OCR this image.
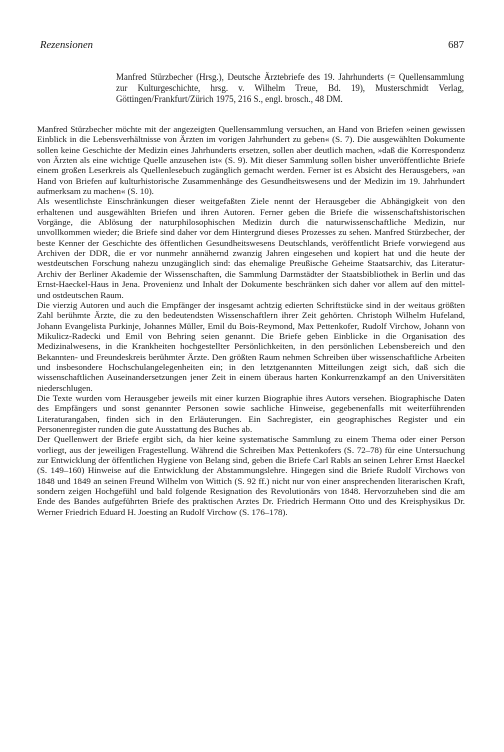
Rezensionen	687

Manfred Stürzbecher (Hrsg.), Deutsche Ärztebriefe des 19. Jahrhunderts (= Quellensammlung zur Kulturgeschichte, hrsg. v. Wilhelm Treue, Bd. 19), Musterschmidt Verlag, Göttingen/Frankfurt/Zürich 1975, 216 S., engl. brosch., 48 DM.

Manfred Stürzbecher möchte mit der angezeigten Quellensammlung versuchen, an Hand von Briefen »einen gewissen Einblick in die Lebensverhältnisse von Ärzten im vorigen Jahrhundert zu geben« (S. 7). Die ausgewählten Dokumente sollen keine Geschichte der Medizin eines Jahrhunderts ersetzen, sollen aber deutlich machen, »daß die Korrespondenz von Ärzten als eine wichtige Quelle anzusehen ist« (S. 9). Mit dieser Sammlung sollen bisher unveröffentlichte Briefe einem großen Leserkreis als Quellenlesebuch zugänglich gemacht werden. Ferner ist es Absicht des Herausgebers, »an Hand von Briefen auf kulturhistorische Zusammenhänge des Gesundheitswesens und der Medizin im 19. Jahrhundert aufmerksam zu machen« (S. 10).

Als wesentlichste Einschränkungen dieser weitgefaßten Ziele nennt der Herausgeber die Abhängigkeit von den erhaltenen und ausgewählten Briefen und ihren Autoren. Ferner geben die Briefe die wissenschaftshistorischen Vorgänge, die Ablösung der naturphilosophischen Medizin durch die naturwissenschaftliche Medizin, nur unvollkommen wieder; die Briefe sind daher vor dem Hintergrund dieses Prozesses zu sehen. Manfred Stürzbecher, der beste Kenner der Geschichte des öffentlichen Gesundheitswesens Deutschlands, veröffentlicht Briefe vorwiegend aus Archiven der DDR, die er vor nunmehr annähernd zwanzig Jahren eingesehen und kopiert hat und die heute der westdeutschen Forschung nahezu unzugänglich sind: das ehemalige Preußische Geheime Staatsarchiv, das Literatur-Archiv der Berliner Akademie der Wissenschaften, die Sammlung Darmstädter der Staatsbibliothek in Berlin und das Ernst-Haeckel-Haus in Jena. Provenienz und Inhalt der Dokumente beschränken sich daher vor allem auf den mittel- und ostdeutschen Raum.

Die vierzig Autoren und auch die Empfänger der insgesamt achtzig edierten Schriftstücke sind in der weitaus größten Zahl berühmte Ärzte, die zu den bedeutendsten Wissenschaftlern ihrer Zeit gehörten. Christoph Wilhelm Hufeland, Johann Evangelista Purkinje, Johannes Müller, Emil du Bois-Reymond, Max Pettenkofer, Rudolf Virchow, Johann von Mikulicz-Radecki und Emil von Behring seien genannt. Die Briefe geben Einblicke in die Organisation des Medizinalwesens, in die Krankheiten hochgestellter Persönlichkeiten, in den persönlichen Lebensbereich und den Bekannten- und Freundeskreis berühmter Ärzte. Den größten Raum nehmen Schreiben über wissenschaftliche Arbeiten und insbesondere Hochschulangelegenheiten ein; in den letztgenannten Mitteilungen zeigt sich, daß sich die wissenschaftlichen Auseinandersetzungen jener Zeit in einem überaus harten Konkurrenzkampf an den Universitäten niederschlugen.

Die Texte wurden vom Herausgeber jeweils mit einer kurzen Biographie ihres Autors versehen. Biographische Daten des Empfängers und sonst genannter Personen sowie sachliche Hinweise, gegebenenfalls mit weiterführenden Literaturangaben, finden sich in den Erläuterungen. Ein Sachregister, ein geographisches Register und ein Personenregister runden die gute Ausstattung des Buches ab.

Der Quellenwert der Briefe ergibt sich, da hier keine systematische Sammlung zu einem Thema oder einer Person vorliegt, aus der jeweiligen Fragestellung. Während die Schreiben Max Pettenkofers (S. 72–78) für eine Untersuchung zur Entwicklung der öffentlichen Hygiene von Belang sind, geben die Briefe Carl Rabls an seinen Lehrer Ernst Haeckel (S. 149–160) Hinweise auf die Entwicklung der Abstammungslehre. Hingegen sind die Briefe Rudolf Virchows von 1848 und 1849 an seinen Freund Wilhelm von Wittich (S. 92 ff.) nicht nur von einer ansprechenden literarischen Kraft, sondern zeigen Hochgefühl und bald folgende Resignation des Revolutionärs von 1848. Hervorzuheben sind die am Ende des Bandes aufgeführten Briefe des praktischen Arztes Dr. Friedrich Hermann Otto und des Kreisphysikus Dr. Werner Friedrich Eduard H. Joesting an Rudolf Virchow (S. 176–178).
